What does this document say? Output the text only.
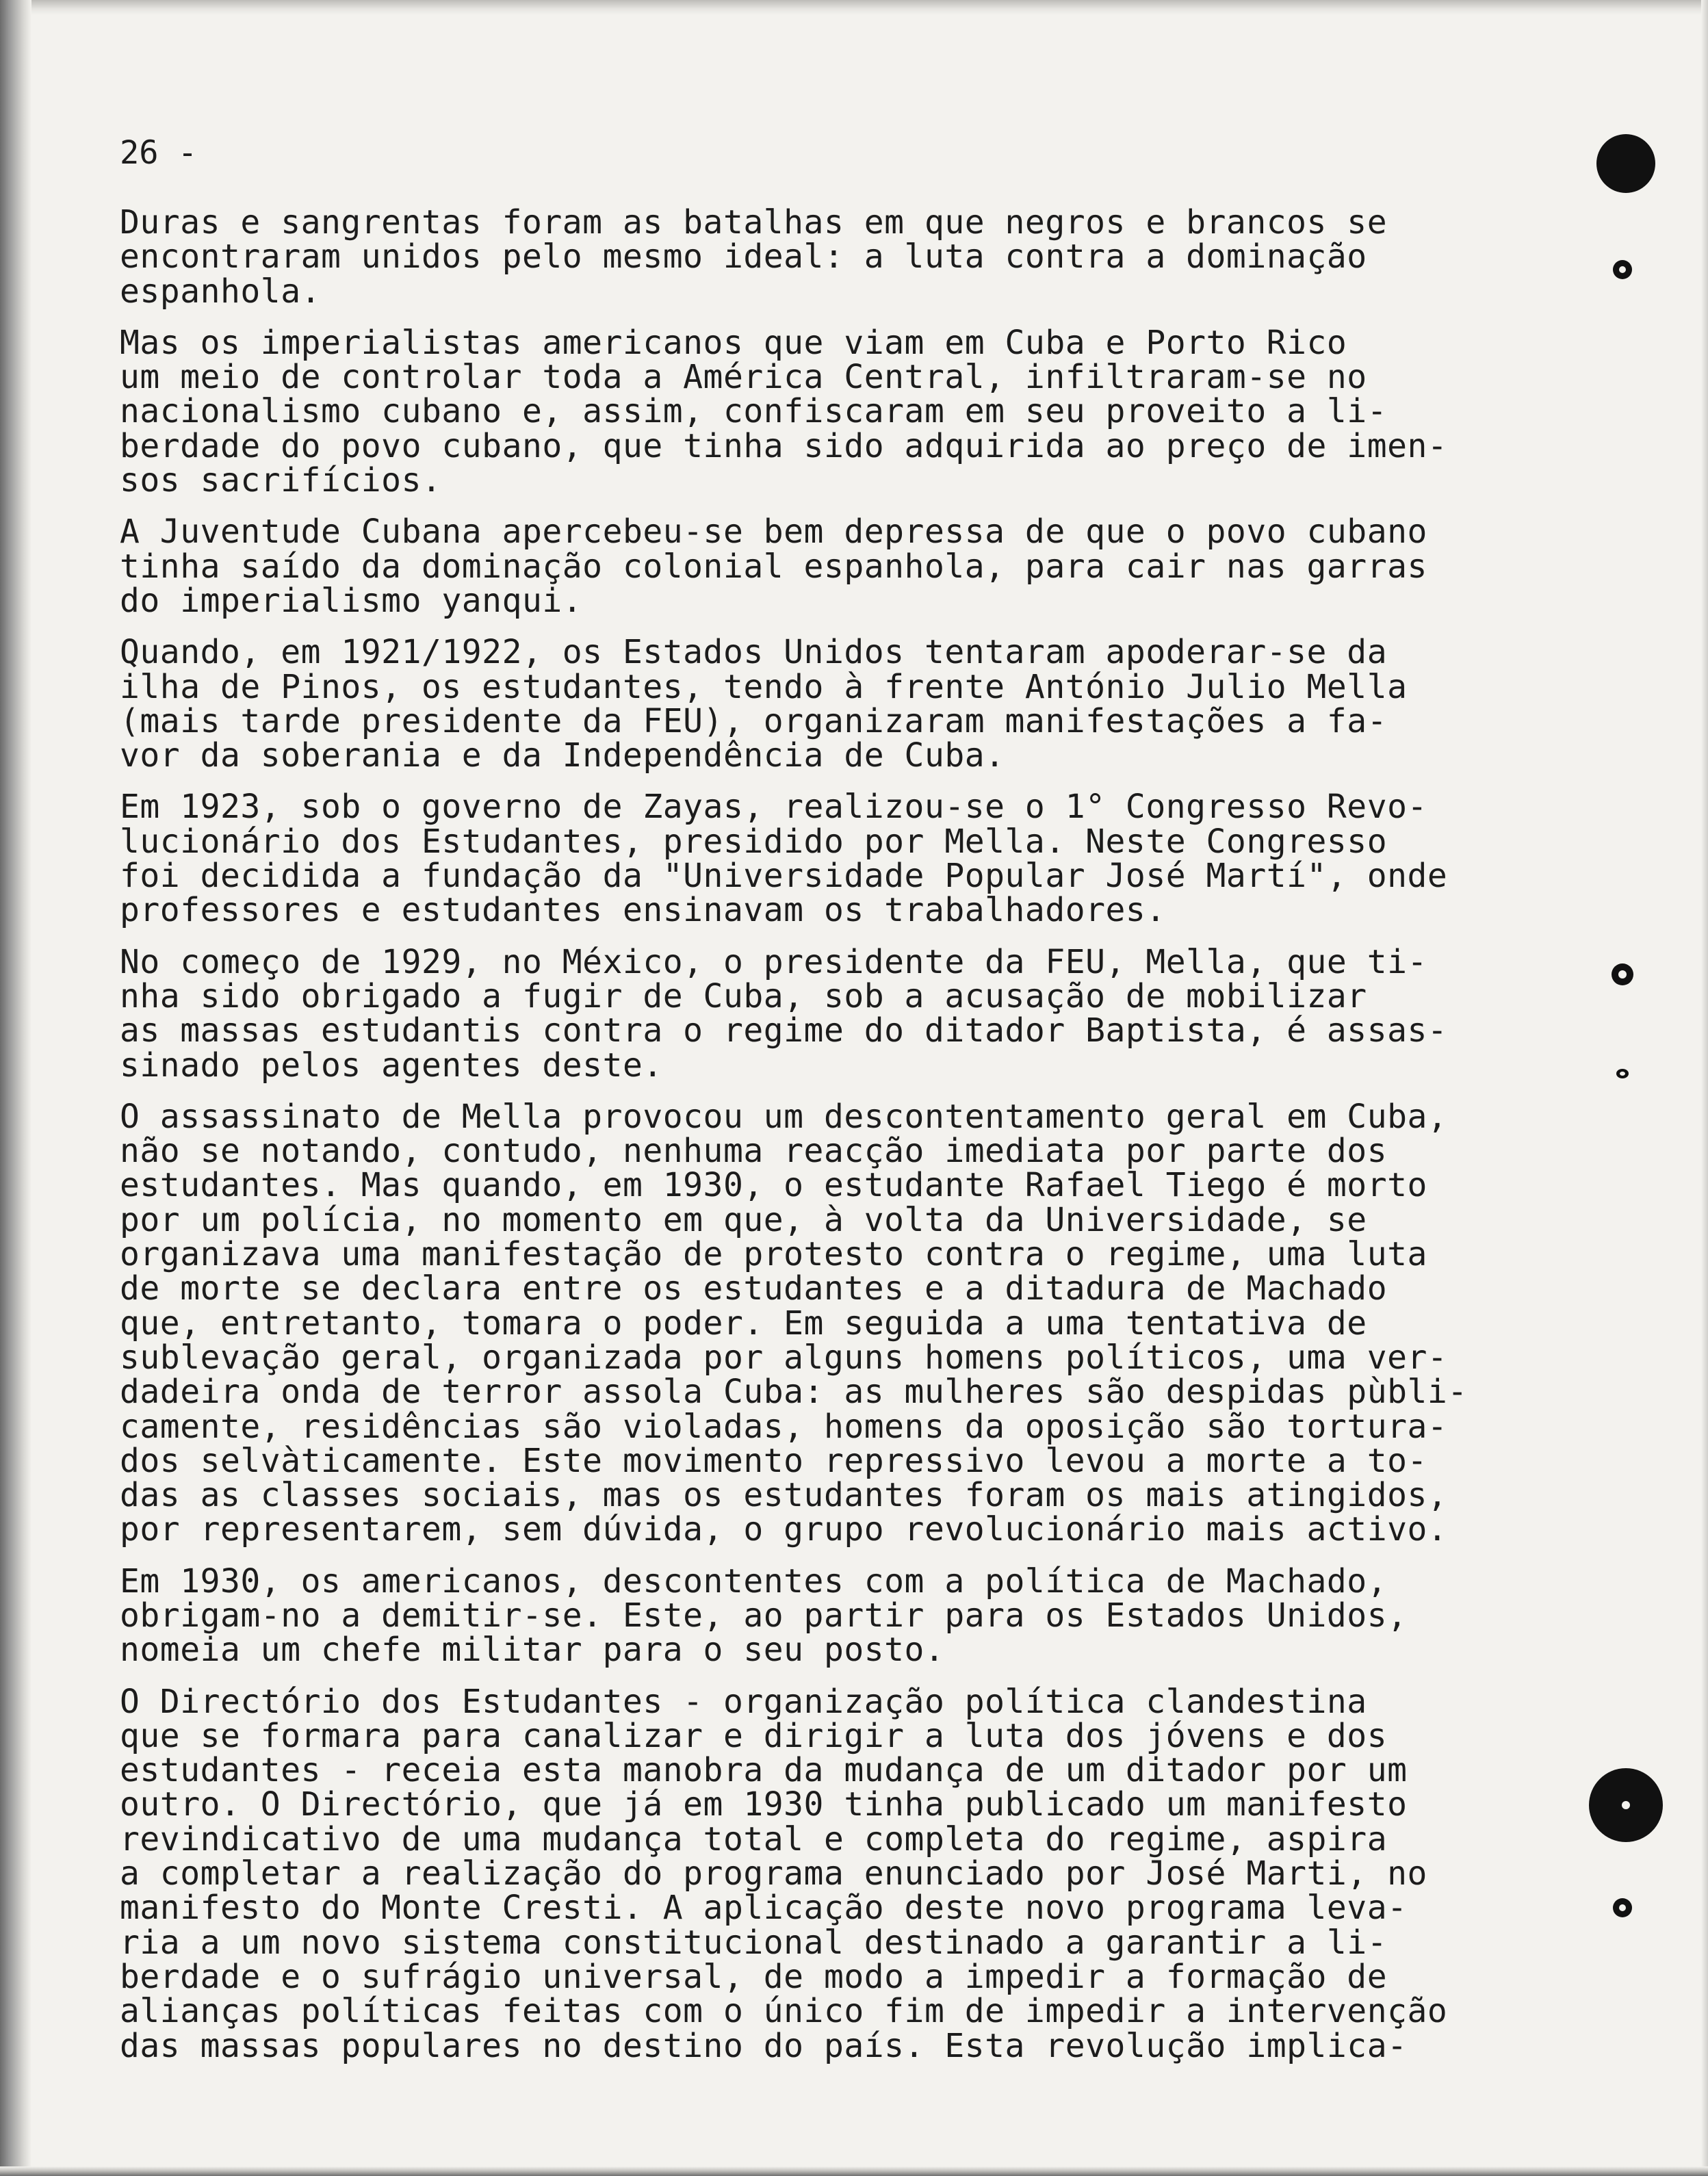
26 -
Duras e sangrentas foram as batalhas em que negros e brancos se
encontraram unidos pelo mesmo ideal: a luta contra a dominação
espanhola.
Mas os imperialistas americanos que viam em Cuba e Porto Rico
um meio de controlar toda a América Central, infiltraram-se no
nacionalismo cubano e, assim, confiscaram em seu proveito a li-
berdade do povo cubano, que tinha sido adquirida ao preço de imen-
sos sacrifícios.
A Juventude Cubana apercebeu-se bem depressa de que o povo cubano
tinha saído da dominação colonial espanhola, para cair nas garras
do imperialismo yanqui.
Quando, em 1921/1922, os Estados Unidos tentaram apoderar-se da
ilha de Pinos, os estudantes, tendo à frente António Julio Mella
(mais tarde presidente da FEU), organizaram manifestações a fa-
vor da soberania e da Independência de Cuba.
Em 1923, sob o governo de Zayas, realizou-se o 1° Congresso Revo-
lucionário dos Estudantes, presidido por Mella. Neste Congresso
foi decidida a fundação da "Universidade Popular José Martí", onde
professores e estudantes ensinavam os trabalhadores.
No começo de 1929, no México, o presidente da FEU, Mella, que ti-
nha sido obrigado a fugir de Cuba, sob a acusação de mobilizar
as massas estudantis contra o regime do ditador Baptista, é assas-
sinado pelos agentes deste.
O assassinato de Mella provocou um descontentamento geral em Cuba,
não se notando, contudo, nenhuma reacção imediata por parte dos
estudantes. Mas quando, em 1930, o estudante Rafael Tiego é morto
por um polícia, no momento em que, à volta da Universidade, se
organizava uma manifestação de protesto contra o regime, uma luta
de morte se declara entre os estudantes e a ditadura de Machado
que, entretanto, tomara o poder. Em seguida a uma tentativa de
sublevação geral, organizada por alguns homens políticos, uma ver-
dadeira onda de terror assola Cuba: as mulheres são despidas pùbli-
camente, residências são violadas, homens da oposição são tortura-
dos selvàticamente. Este movimento repressivo levou a morte a to-
das as classes sociais, mas os estudantes foram os mais atingidos,
por representarem, sem dúvida, o grupo revolucionário mais activo.
Em 1930, os americanos, descontentes com a política de Machado,
obrigam-no a demitir-se. Este, ao partir para os Estados Unidos,
nomeia um chefe militar para o seu posto.
O Directório dos Estudantes - organização política clandestina
que se formara para canalizar e dirigir a luta dos jóvens e dos
estudantes - receia esta manobra da mudança de um ditador por um
outro. O Directório, que já em 1930 tinha publicado um manifesto
revindicativo de uma mudança total e completa do regime, aspira
a completar a realização do programa enunciado por José Marti, no
manifesto do Monte Cresti. A aplicação deste novo programa leva-
ria a um novo sistema constitucional destinado a garantir a li-
berdade e o sufrágio universal, de modo a impedir a formação de
alianças políticas feitas com o único fim de impedir a intervenção
das massas populares no destino do país. Esta revolução implica-
